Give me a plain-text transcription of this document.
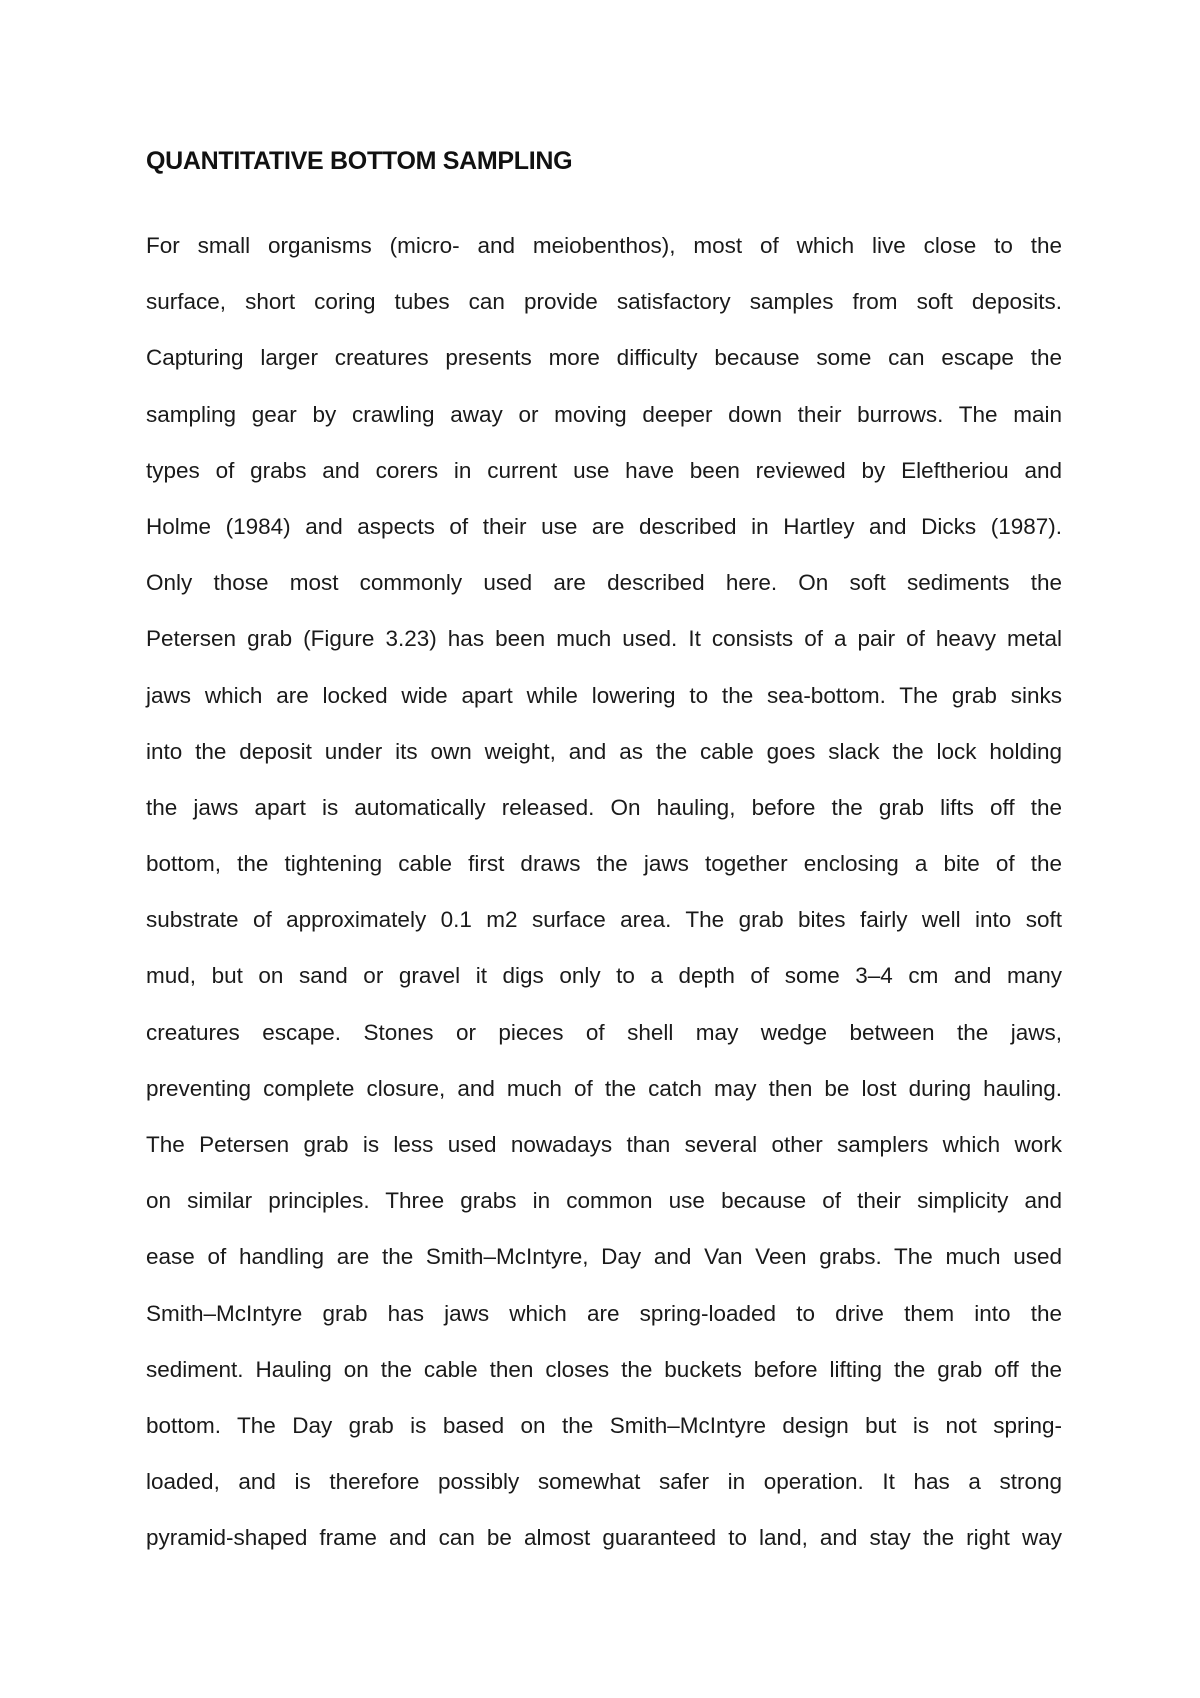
QUANTITATIVE BOTTOM SAMPLING
For small organisms (micro- and meiobenthos), most of which live close to the
surface, short coring tubes can provide satisfactory samples from soft deposits.
Capturing larger creatures presents more difficulty because some can escape the
sampling gear by crawling away or moving deeper down their burrows. The main
types of grabs and corers in current use have been reviewed by Eleftheriou and
Holme (1984) and aspects of their use are described in Hartley and Dicks (1987).
Only those most commonly used are described here. On soft sediments the
Petersen grab (Figure 3.23) has been much used. It consists of a pair of heavy metal
jaws which are locked wide apart while lowering to the sea-bottom. The grab sinks
into the deposit under its own weight, and as the cable goes slack the lock holding
the jaws apart is automatically released. On hauling, before the grab lifts off the
bottom, the tightening cable first draws the jaws together enclosing a bite of the
substrate of approximately 0.1 m2 surface area. The grab bites fairly well into soft
mud, but on sand or gravel it digs only to a depth of some 3–4 cm and many
creatures escape. Stones or pieces of shell may wedge between the jaws,
preventing complete closure, and much of the catch may then be lost during hauling.
The Petersen grab is less used nowadays than several other samplers which work
on similar principles. Three grabs in common use because of their simplicity and
ease of handling are the Smith–McIntyre, Day and Van Veen grabs. The much used
Smith–McIntyre grab has jaws which are spring-loaded to drive them into the
sediment. Hauling on the cable then closes the buckets before lifting the grab off the
bottom. The Day grab is based on the Smith–McIntyre design but is not spring-
loaded, and is therefore possibly somewhat safer in operation. It has a strong
pyramid-shaped frame and can be almost guaranteed to land, and stay the right way
